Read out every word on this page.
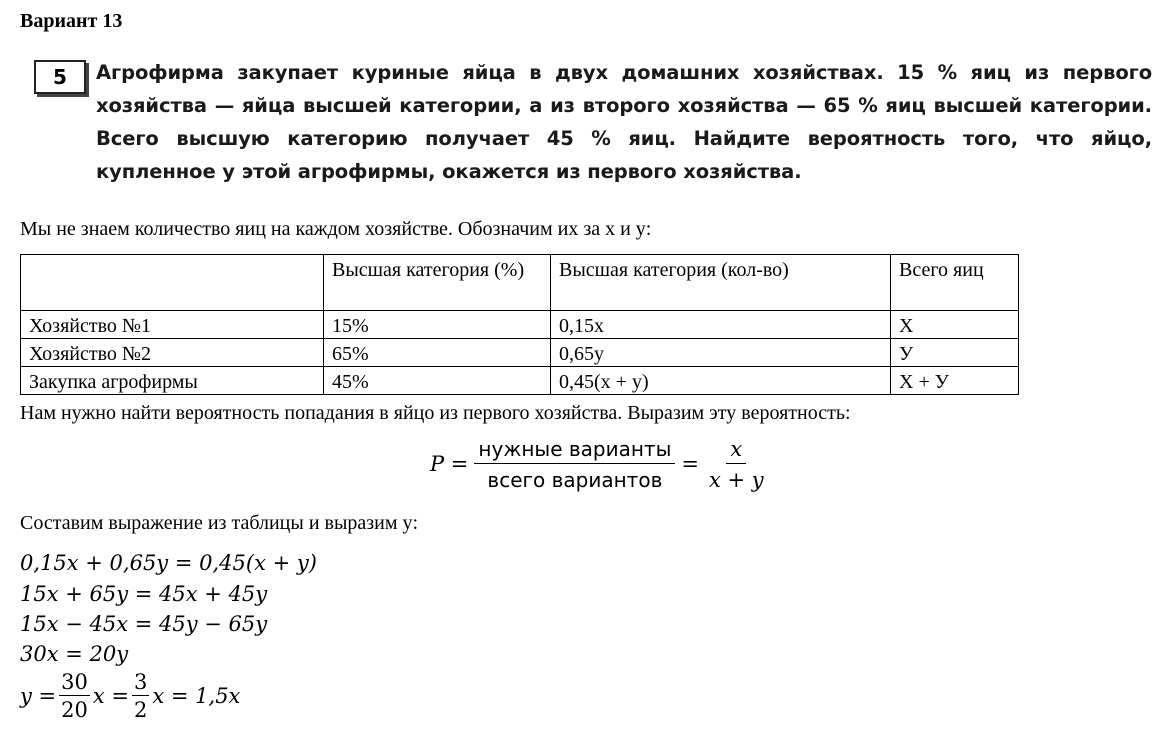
Вариант 13
5	Агрофирма закупает куриные яйца в двух домашних хозяйствах. 15 % яиц из первого хозяйства — яйца высшей категории, а из второго хозяйства — 65 % яиц высшей категории. Всего высшую категорию получает 45 % яиц. Найдите вероятность того, что яйцо, купленное у этой агрофирмы, окажется из первого хозяйства.
Мы не знаем количество яиц на каждом хозяйстве. Обозначим их за x и y:
	Высшая категория (%)	Высшая категория (кол-во)	Всего яиц
Хозяйство №1	15%	0,15x	X
Хозяйство №2	65%	0,65y	У
Закупка агрофирмы	45%	0,45(x + y)	X + У
Нам нужно найти вероятность попадания в яйцо из первого хозяйства. Выразим эту вероятность:
$P = \frac{\text{нужные варианты}}{\text{всего вариантов}} = \frac{x}{x + y}$
Составим выражение из таблицы и выразим y:
0,15x + 0,65y = 0,45(x + y)
15x + 65y = 45x + 45y
15x − 45x = 45y − 65y
30x = 20y
$y = \frac{30}{20}$ $x = \frac{3}{2}$ x = 1,5x
